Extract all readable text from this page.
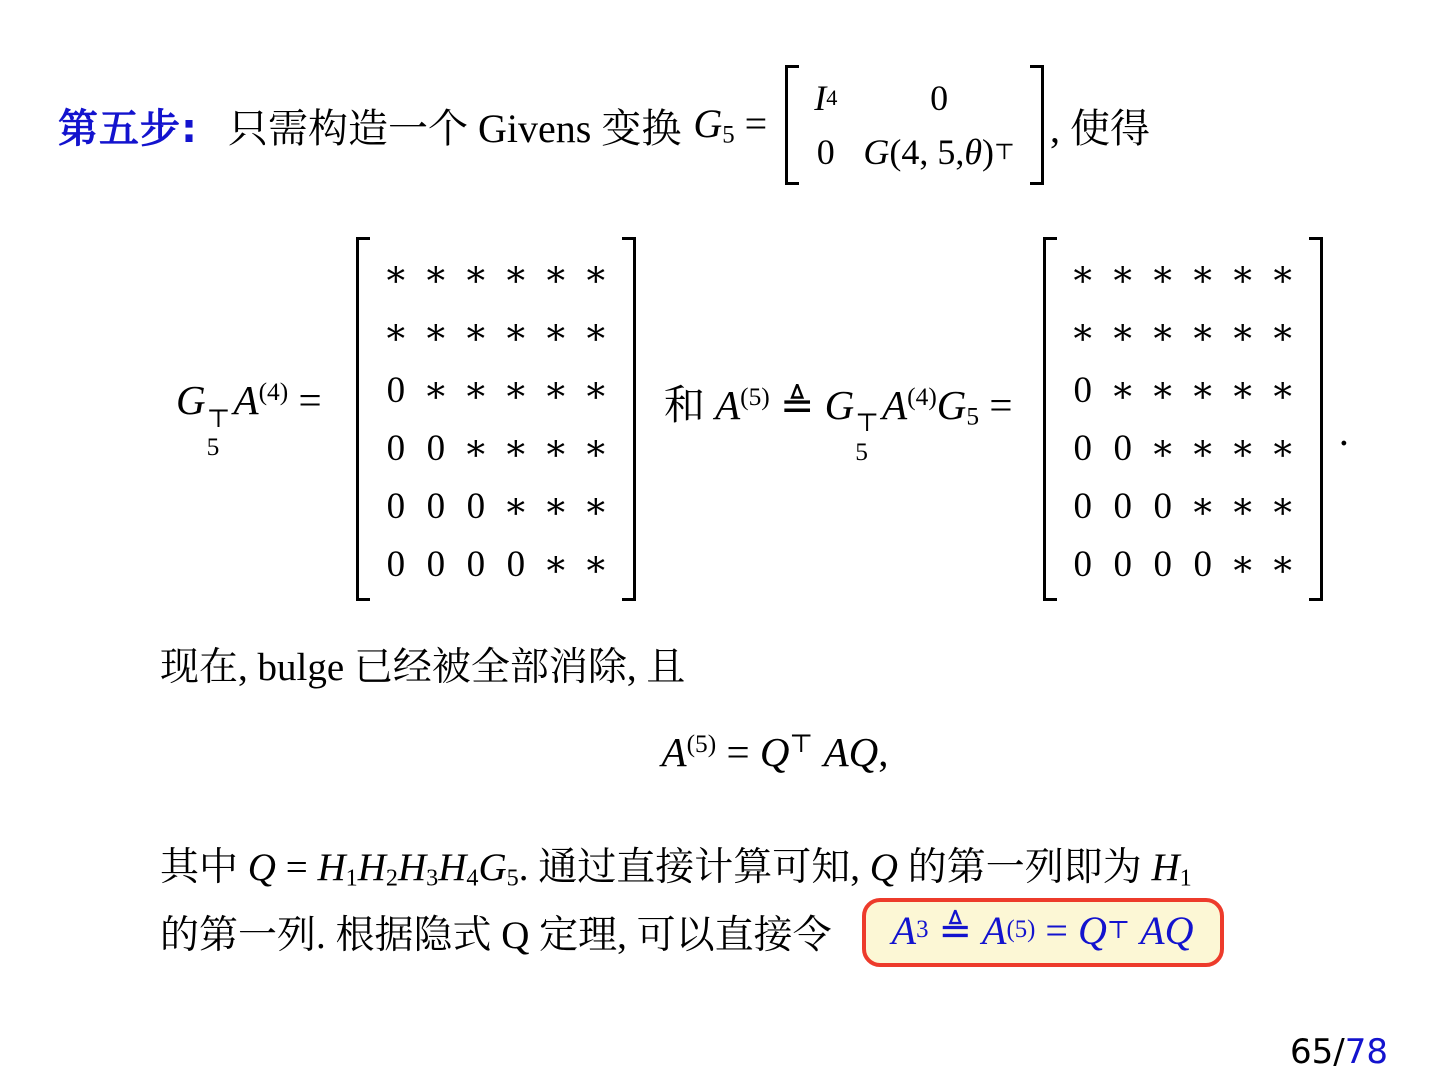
第五步: 只需构造一个 Givens 变换 G5 =
I 4	0
0 G (4, 5, θ ) ⊤
, 使得
G ⊤
5
$A^{(4)}$ =
∗ ∗ ∗ ∗ ∗ ∗
∗ ∗ ∗ ∗ ∗ ∗
0 ∗ ∗ ∗ ∗ ∗
0 0 ∗ ∗ ∗ ∗
0 0 0 ∗ ∗ ∗
0 0 0 0 ∗ ∗
和 $A^{(5)}$ ≜ G ⊤
5
$A^{(4)}G5$ =
∗ ∗ ∗ ∗ ∗ ∗
∗ ∗ ∗ ∗ ∗ ∗
0 ∗ ∗ ∗ ∗ ∗
0 0 ∗ ∗ ∗ ∗
0 0 0 ∗ ∗ ∗
0 0 0 0 ∗ ∗
.
现在, bulge 已经被全部消除, 且
$A^{(5)} = Q^⊤$ AQ,
其中 Q = H1H2H3H4G5. 通过直接计算可知, Q 的第一列即为 H1
的第一列. 根据隐式 Q 定理, 可以直接令 A 3 ≜ A (5) = Q ⊤
A Q
65/78
